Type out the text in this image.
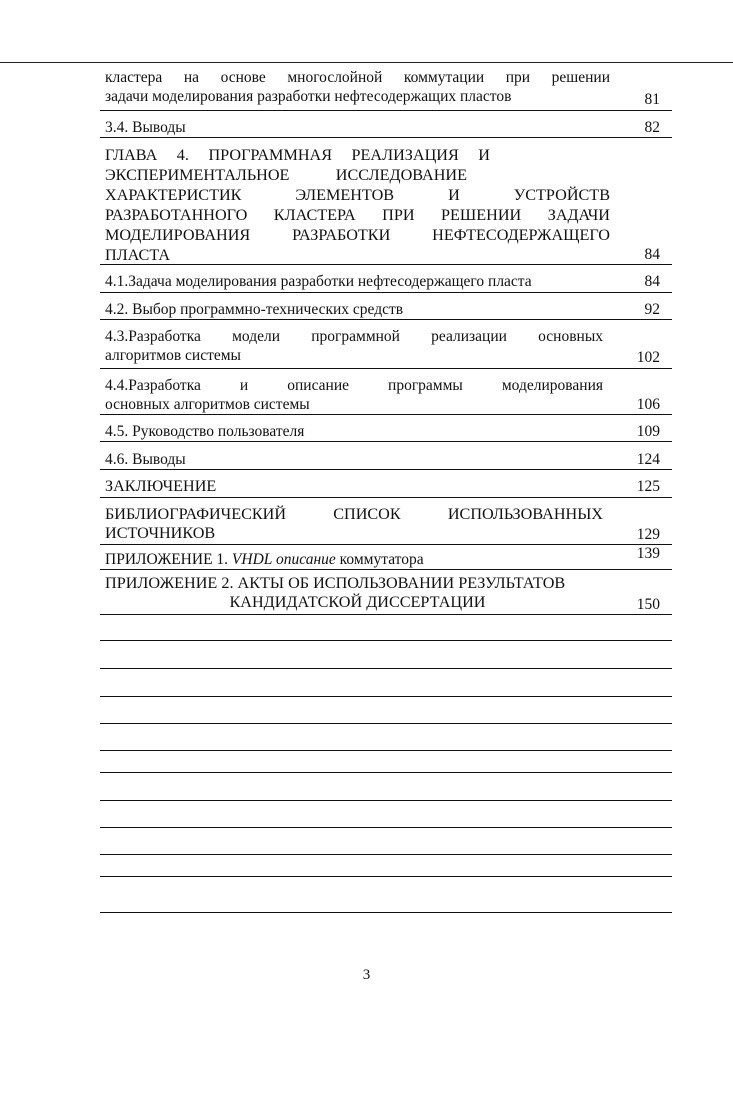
кластера на основе многослойной коммутации при решении
задачи моделирования разработки нефтесодержащих пластов	81
3.4. Выводы	82
ГЛАВА 4. ПРОГРАММНАЯ РЕАЛИЗАЦИЯ И
ЭКСПЕРИМЕНТАЛЬНОЕ ИССЛЕДОВАНИЕ
ХАРАКТЕРИСТИК ЭЛЕМЕНТОВ И УСТРОЙСТВ
РАЗРАБОТАННОГО КЛАСТЕРА ПРИ РЕШЕНИИ ЗАДАЧИ
МОДЕЛИРОВАНИЯ РАЗРАБОТКИ НЕФТЕСОДЕРЖАЩЕГО
ПЛАСТА	84
4.1.Задача моделирования разработки нефтесодержащего пласта	84
4.2. Выбор программно-технических средств	92
4.3.Разработка модели программной реализации основных
алгоритмов системы	102
4.4.Разработка и описание программы моделирования
основных алгоритмов системы	106
4.5. Руководство пользователя	109
4.6. Выводы	124
ЗАКЛЮЧЕНИЕ	125
БИБЛИОГРАФИЧЕСКИЙ СПИСОК ИСПОЛЬЗОВАННЫХ
ИСТОЧНИКОВ	129
ПРИЛОЖЕНИЕ 1. VHDL описание коммутатора	139
ПРИЛОЖЕНИЕ 2. АКТЫ ОБ ИСПОЛЬЗОВАНИИ РЕЗУЛЬТАТОВ
КАНДИДАТСКОЙ ДИССЕРТАЦИИ	150
3
